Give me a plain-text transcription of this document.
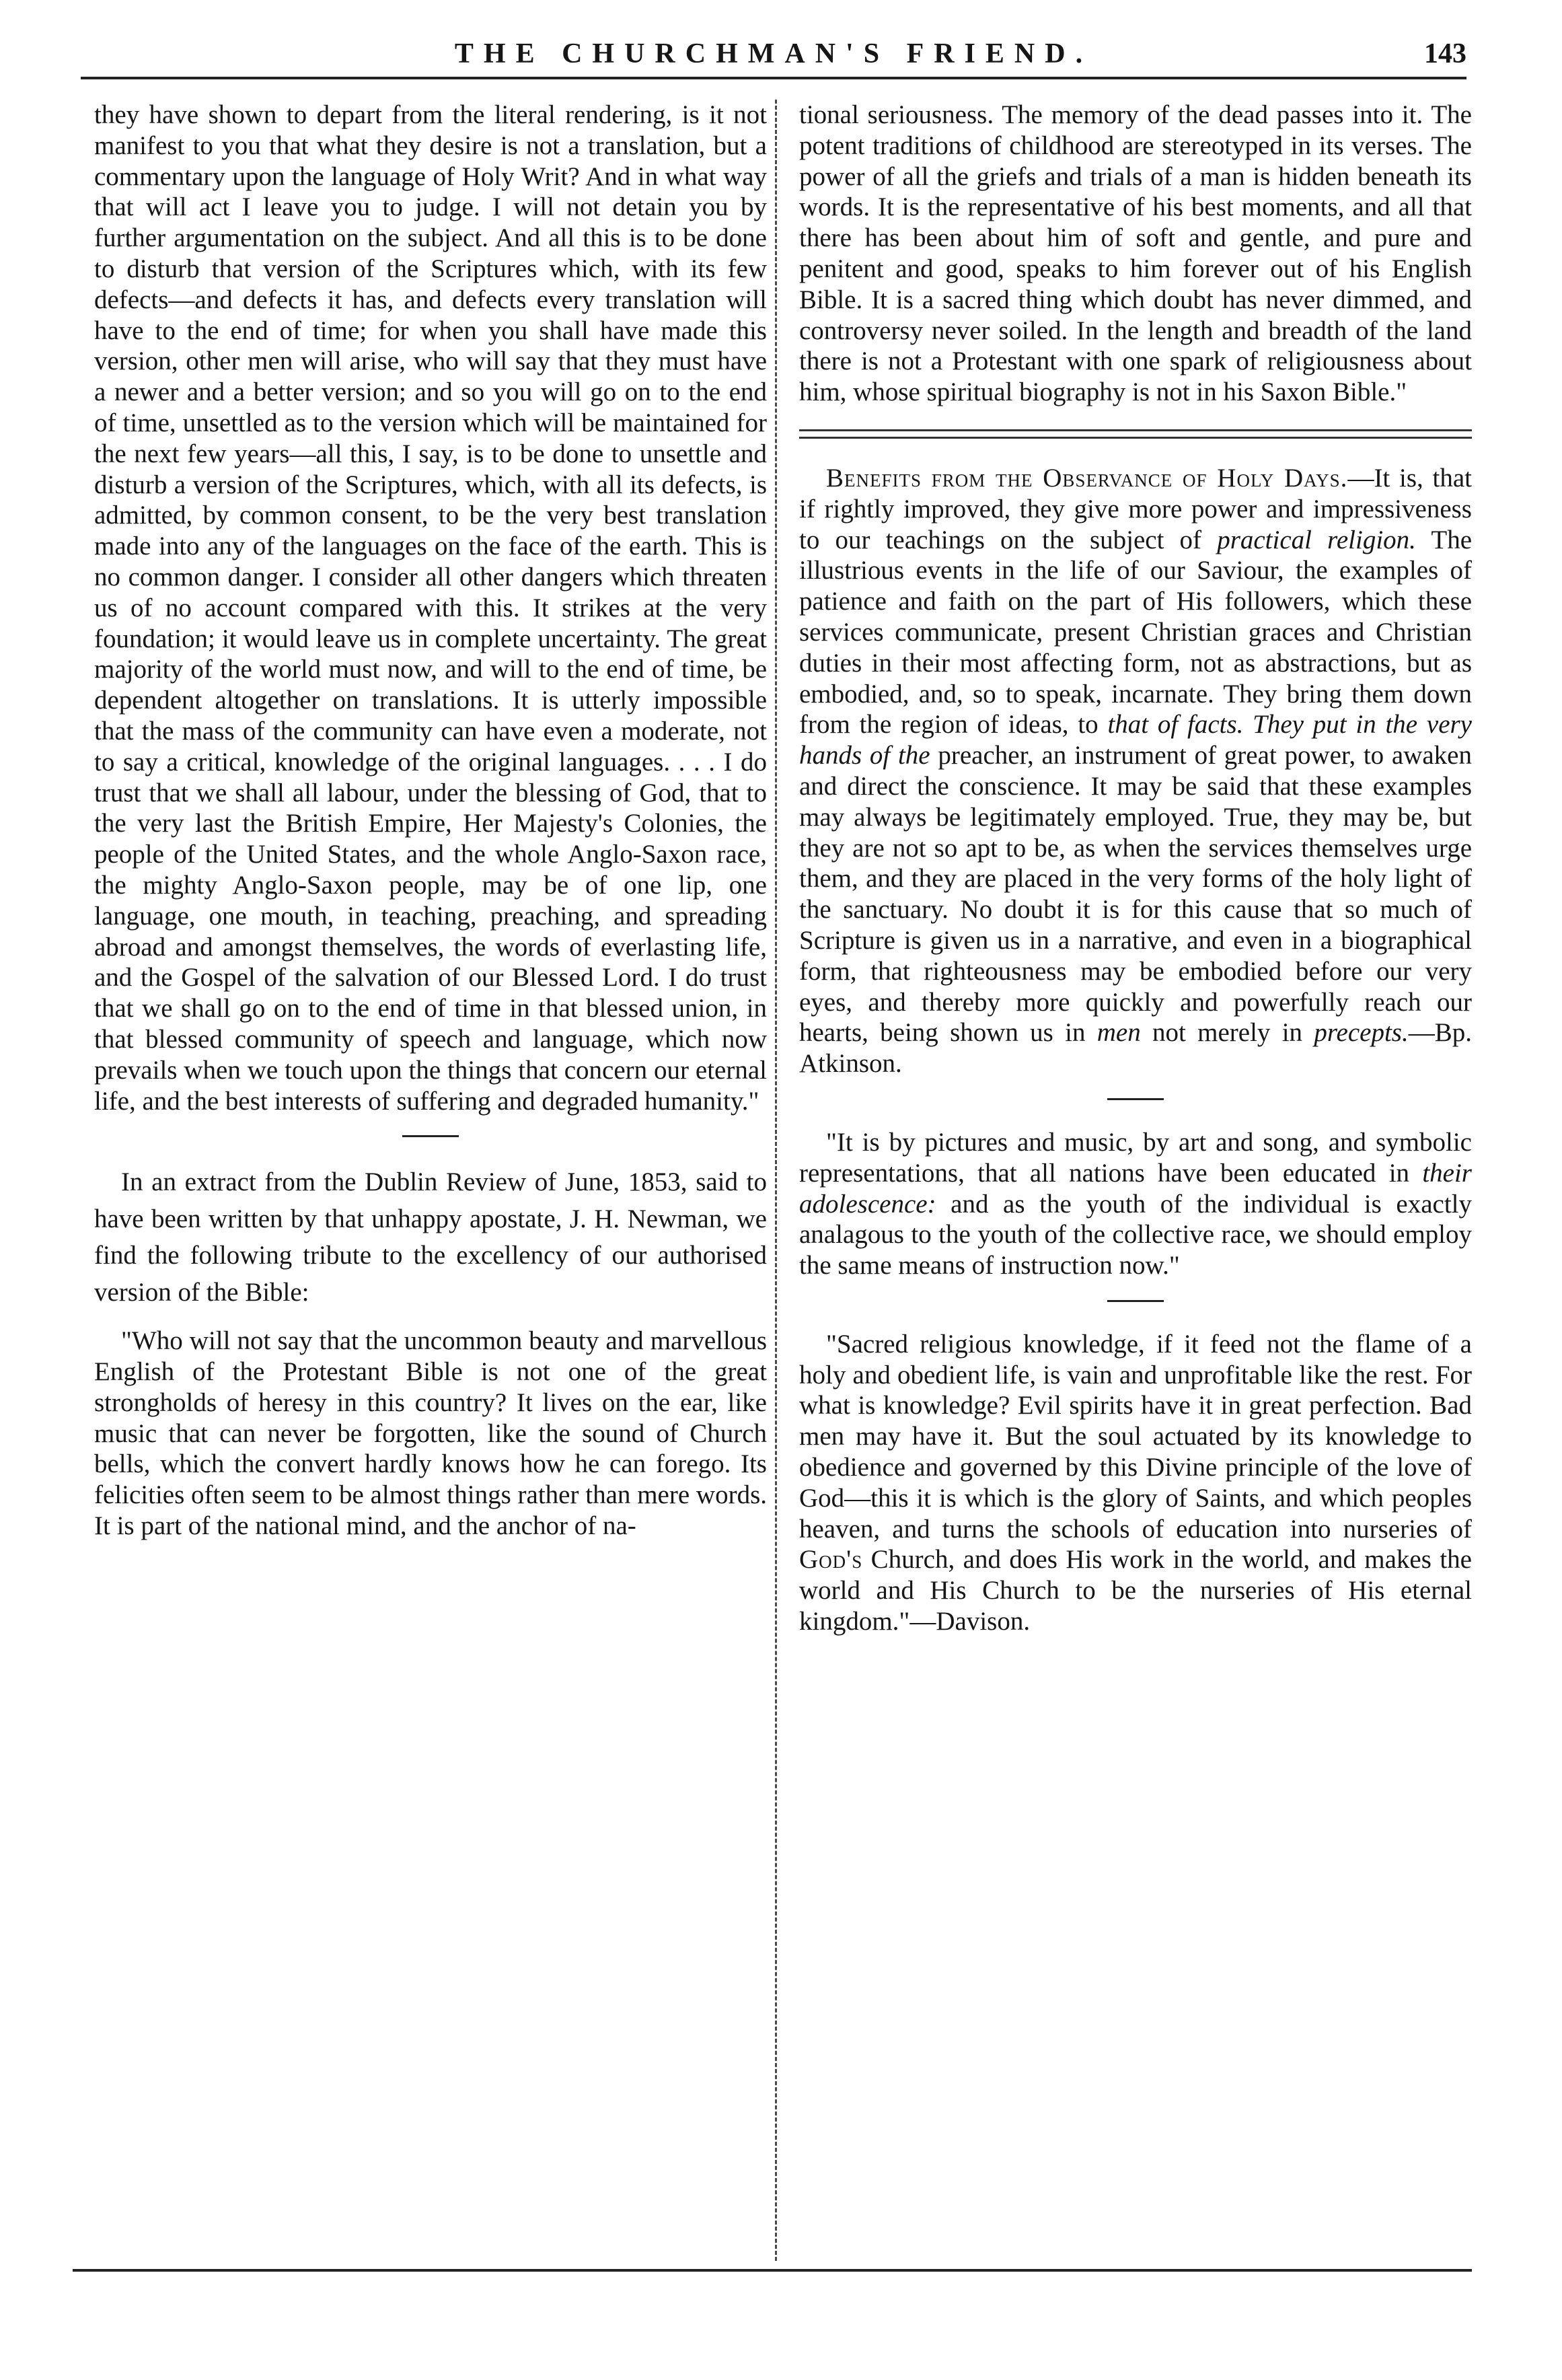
THE CHURCHMAN'S FRIEND.	143

they have shown to depart from the literal rendering, is it not manifest to you that what they desire is not a translation, but a commentary upon the language of Holy Writ? And in what way that will act I leave you to judge. I will not detain you by further argumentation on the subject. And all this is to be done to disturb that version of the Scriptures which, with its few defects—and defects it has, and defects every translation will have to the end of time; for when you shall have made this version, other men will arise, who will say that they must have a newer and a better version; and so you will go on to the end of time, unsettled as to the version which will be maintained for the next few years—all this, I say, is to be done to unsettle and disturb a version of the Scriptures, which, with all its defects, is admitted, by common consent, to be the very best translation made into any of the languages on the face of the earth. This is no common danger. I consider all other dangers which threaten us of no account compared with this. It strikes at the very foundation; it would leave us in complete uncertainty. The great majority of the world must now, and will to the end of time, be dependent altogether on translations. It is utterly impossible that the mass of the community can have even a moderate, not to say a critical, knowledge of the original languages. . . . I do trust that we shall all labour, under the blessing of God, that to the very last the British Empire, Her Majesty's Colonies, the people of the United States, and the whole Anglo-Saxon race, the mighty Anglo-Saxon people, may be of one lip, one language, one mouth, in teaching, preaching, and spreading abroad and amongst themselves, the words of everlasting life, and the Gospel of the salvation of our Blessed Lord. I do trust that we shall go on to the end of time in that blessed union, in that blessed community of speech and language, which now prevails when we touch upon the things that concern our eternal life, and the best interests of suffering and degraded humanity."

In an extract from the Dublin Review of June, 1853, said to have been written by that unhappy apostate, J. H. Newman, we find the following tribute to the excellency of our authorised version of the Bible:

"Who will not say that the uncommon beauty and marvellous English of the Protestant Bible is not one of the great strongholds of heresy in this country? It lives on the ear, like music that can never be forgotten, like the sound of Church bells, which the convert hardly knows how he can forego. Its felicities often seem to be almost things rather than mere words. It is part of the national mind, and the anchor of na-

tional seriousness. The memory of the dead passes into it. The potent traditions of childhood are stereotyped in its verses. The power of all the griefs and trials of a man is hidden beneath its words. It is the representative of his best moments, and all that there has been about him of soft and gentle, and pure and penitent and good, speaks to him forever out of his English Bible. It is a sacred thing which doubt has never dimmed, and controversy never soiled. In the length and breadth of the land there is not a Protestant with one spark of religiousness about him, whose spiritual biography is not in his Saxon Bible."

Benefits from the Observance of Holy Days.—It is, that if rightly improved, they give more power and impressiveness to our teachings on the subject of practical religion. The illustrious events in the life of our Saviour, the examples of patience and faith on the part of His followers, which these services communicate, present Christian graces and Christian duties in their most affecting form, not as abstractions, but as embodied, and, so to speak, incarnate. They bring them down from the region of ideas, to that of facts. They put in the very hands of the preacher, an instrument of great power, to awaken and direct the conscience. It may be said that these examples may always be legitimately employed. True, they may be, but they are not so apt to be, as when the services themselves urge them, and they are placed in the very forms of the holy light of the sanctuary. No doubt it is for this cause that so much of Scripture is given us in a narrative, and even in a biographical form, that righteousness may be embodied before our very eyes, and thereby more quickly and powerfully reach our hearts, being shown us in men not merely in precepts.—Bp. Atkinson.

"It is by pictures and music, by art and song, and symbolic representations, that all nations have been educated in their adolescence: and as the youth of the individual is exactly analagous to the youth of the collective race, we should employ the same means of instruction now."

"Sacred religious knowledge, if it feed not the flame of a holy and obedient life, is vain and unprofitable like the rest. For what is knowledge? Evil spirits have it in great perfection. Bad men may have it. But the soul actuated by its knowledge to obedience and governed by this Divine principle of the love of God—this it is which is the glory of Saints, and which peoples heaven, and turns the schools of education into nurseries of God's Church, and does His work in the world, and makes the world and His Church to be the nurseries of His eternal kingdom."—Davison.
